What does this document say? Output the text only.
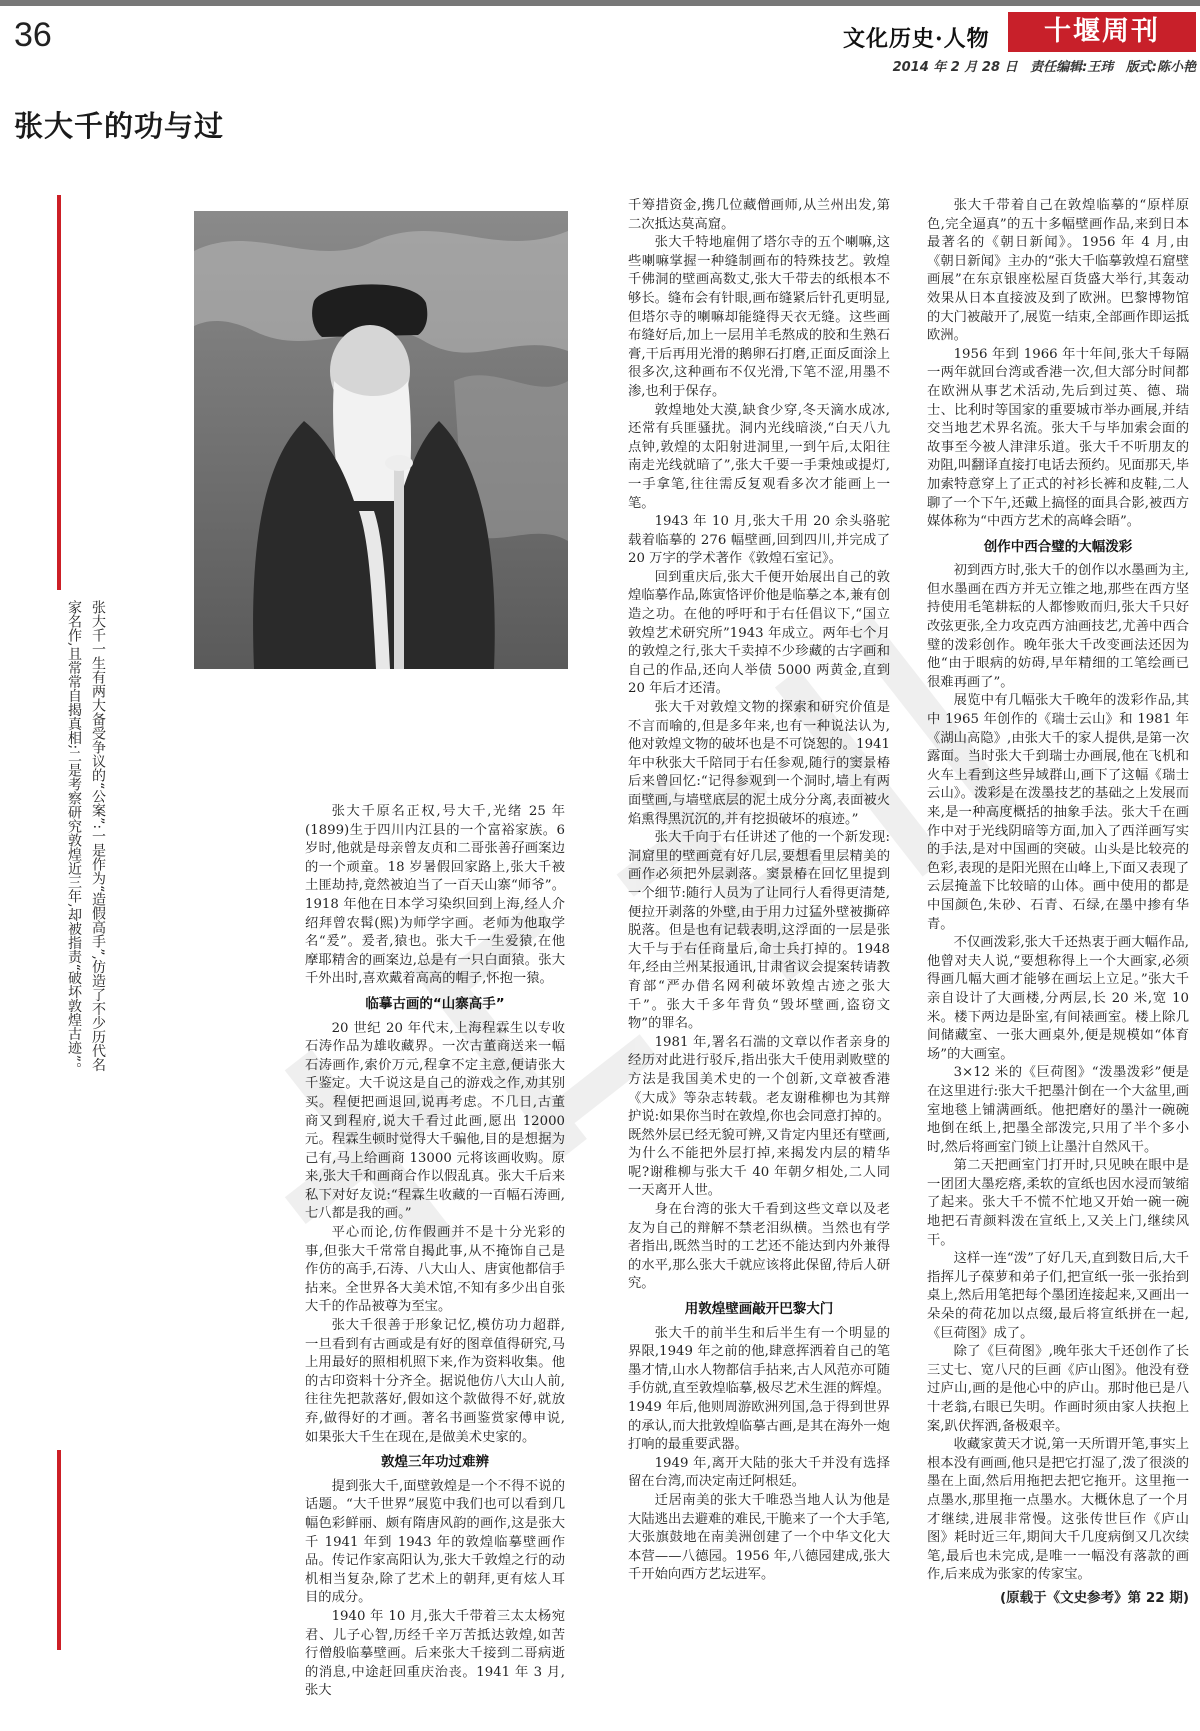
36	文化历史·人物	十堰周刊
2014 年 2 月 28 日 责任编辑:王玮 版式:陈小艳
张大千的功与过
张大千一生有两大备受争议的“公案”:一是作为“造假高手”,仿造了不少历代名
家名作,且常常自揭真相;二是考察研究敦煌近三年,却被指责“破坏敦煌古迹”。	张大千原名正权,号大千,光绪 25 年(1899)生于四川内江县的一个富裕家族。6 岁时,他就是母亲曾友贞和二哥张善孖画案边的一个顽童。18 岁暑假回家路上,张大千被土匪劫持,竟然被迫当了一百天山寨“师爷”。1918 年他在日本学习染织回到上海,经人介绍拜曾农髯(熙)为师学字画。老师为他取学名“爰”。爰者,猿也。张大千一生爱猿,在他摩耶精舍的画案边,总是有一只白面猿。张大千外出时,喜欢戴着高高的帽子,怀抱一猿。

临摹古画的“山寨高手”

20 世纪 20 年代末,上海程霖生以专收石涛作品为雄收藏界。一次古董商送来一幅石涛画作,索价万元,程拿不定主意,便请张大千鉴定。大千说这是自己的游戏之作,劝其别买。程便把画退回,说再考虑。不几日,古董商又到程府,说大千看过此画,愿出 12000 元。程霖生顿时觉得大千骗他,目的是想据为己有,马上给画商 13000 元将该画收购。原来,张大千和画商合作以假乱真。张大千后来私下对好友说:“程霖生收藏的一百幅石涛画,七八都是我的画。”

平心而论,仿作假画并不是十分光彩的事,但张大千常常自揭此事,从不掩饰自己是作仿的高手,石涛、八大山人、唐寅他都信手拈来。全世界各大美术馆,不知有多少出自张大千的作品被尊为至宝。

张大千很善于形象记忆,模仿功力超群,一旦看到有古画或是有好的图章值得研究,马上用最好的照相机照下来,作为资料收集。他的古印资料十分齐全。据说他仿八大山人前,往往先把款落好,假如这个款做得不好,就放弃,做得好的才画。著名书画鉴赏家傅申说,如果张大千生在现在,是做美术史家的。

敦煌三年功过难辨

提到张大千,面壁敦煌是一个不得不说的话题。“大千世界”展览中我们也可以看到几幅色彩鲜丽、颇有隋唐风韵的画作,这是张大千 1941 年到 1943 年的敦煌临摹壁画作品。传记作家高阳认为,张大千敦煌之行的动机相当复杂,除了艺术上的朝拜,更有炫人耳目的成分。

1940 年 10 月,张大千带着三太太杨宛君、儿子心智,历经千辛万苦抵达敦煌,如苦行僧般临摹壁画。后来张大千接到二哥病逝的消息,中途赶回重庆治丧。1941 年 3 月,张大

千筹措资金,携几位藏僧画师,从兰州出发,第二次抵达莫高窟。

张大千特地雇佣了塔尔寺的五个喇嘛,这些喇嘛掌握一种缝制画布的特殊技艺。敦煌千佛洞的壁画高数丈,张大千带去的纸根本不够长。缝布会有针眼,画布缝紧后针孔更明显,但塔尔寺的喇嘛却能缝得天衣无缝。这些画布缝好后,加上一层用羊毛熬成的胶和生熟石膏,干后再用光滑的鹅卵石打磨,正面反面涂上很多次,这种画布不仅光滑,下笔不涩,用墨不渗,也利于保存。

敦煌地处大漠,缺食少穿,冬天滴水成冰,还常有兵匪骚扰。洞内光线暗淡,“白天八九点钟,敦煌的太阳射进洞里,一到午后,太阳往南走光线就暗了”,张大千要一手秉烛或提灯,一手拿笔,往往需反复观看多次才能画上一笔。

1943 年 10 月,张大千用 20 余头骆驼载着临摹的 276 幅壁画,回到四川,并完成了 20 万字的学术著作《敦煌石室记》。

回到重庆后,张大千便开始展出自己的敦煌临摹作品,陈寅恪评价他是临摹之本,兼有创造之功。在他的呼吁和于右任倡议下,“国立敦煌艺术研究所”1943 年成立。两年七个月的敦煌之行,张大千卖掉不少珍藏的古字画和自己的作品,还向人举债 5000 两黄金,直到 20 年后才还清。

张大千对敦煌文物的探索和研究价值是不言而喻的,但是多年来,也有一种说法认为,他对敦煌文物的破坏也是不可饶恕的。1941 年中秋张大千陪同于右任参观,随行的窦景椿后来曾回忆:“记得参观到一个洞时,墙上有两面壁画,与墙壁底层的泥土成分分离,表面被火焰熏得黑沉沉的,并有挖损破坏的痕迹。”

张大千向于右任讲述了他的一个新发现:洞窟里的壁画竟有好几层,要想看里层精美的画作必须把外层剥落。窦景椿在回忆里提到一个细节:随行人员为了让同行人看得更清楚,便拉开剥落的外壁,由于用力过猛外壁被撕碎脱落。但是也有记载表明,这浮面的一层是张大千与于右任商量后,命士兵打掉的。1948 年,经由兰州某报通讯,甘肃省议会提案转请教育部“严办借名网利破坏敦煌古迹之张大千”。张大千多年背负“毁坏壁画,盗窃文物”的罪名。

1981 年,署名石湍的文章以作者亲身的经历对此进行驳斥,指出张大千使用剥败壁的方法是我国美术史的一个创新,文章被香港《大成》等杂志转载。老友谢稚柳也为其辩护说:如果你当时在敦煌,你也会同意打掉的。既然外层已经无貌可辨,又肯定内里还有壁画,为什么不能把外层打掉,来揭发内层的精华呢?谢稚柳与张大千 40 年朝夕相处,二人同一天离开人世。

身在台湾的张大千看到这些文章以及老友为自己的辩解不禁老泪纵横。当然也有学者指出,既然当时的工艺还不能达到内外兼得的水平,那么张大千就应该将此保留,待后人研究。

用敦煌壁画敲开巴黎大门

张大千的前半生和后半生有一个明显的界限,1949 年之前的他,肆意挥洒着自己的笔墨才情,山水人物都信手拈来,古人风范亦可随手仿就,直至敦煌临摹,极尽艺术生涯的辉煌。1949 年后,他则周游欧洲列国,急于得到世界的承认,而大批敦煌临摹古画,是其在海外一炮打响的最重要武器。

1949 年,离开大陆的张大千并没有选择留在台湾,而决定南迁阿根廷。

迁居南美的张大千唯恐当地人认为他是大陆逃出去避难的难民,干脆来了一个大手笔,大张旗鼓地在南美洲创建了一个中华文化大本营——八德园。1956 年,八德园建成,张大千开始向西方艺坛进军。

张大千带着自己在敦煌临摹的“原样原色,完全逼真”的五十多幅壁画作品,来到日本最著名的《朝日新闻》。1956 年 4 月,由《朝日新闻》主办的“张大千临摹敦煌石窟壁画展”在东京银座松屋百货盛大举行,其轰动效果从日本直接波及到了欧洲。巴黎博物馆的大门被敲开了,展览一结束,全部画作即运抵欧洲。

1956 年到 1966 年十年间,张大千每隔一两年就回台湾或香港一次,但大部分时间都在欧洲从事艺术活动,先后到过英、德、瑞士、比利时等国家的重要城市举办画展,并结交当地艺术界名流。张大千与毕加索会面的故事至今被人津津乐道。张大千不听朋友的劝阻,叫翻译直接打电话去预约。见面那天,毕加索特意穿上了正式的衬衫长裤和皮鞋,二人聊了一个下午,还戴上搞怪的面具合影,被西方媒体称为“中西方艺术的高峰会晤”。

创作中西合璧的大幅泼彩

初到西方时,张大千的创作以水墨画为主,但水墨画在西方并无立锥之地,那些在西方坚持使用毛笔耕耘的人都惨败而归,张大千只好改弦更张,全力攻克西方油画技艺,尤善中西合璧的泼彩创作。晚年张大千改变画法还因为他“由于眼病的妨碍,早年精细的工笔绘画已很难再画了”。

展览中有几幅张大千晚年的泼彩作品,其中 1965 年创作的《瑞士云山》和 1981 年《湖山高隐》,由张大千的家人提供,是第一次露面。当时张大千到瑞士办画展,他在飞机和火车上看到这些异域群山,画下了这幅《瑞士云山》。泼彩是在泼墨技艺的基础之上发展而来,是一种高度概括的抽象手法。张大千在画作中对于光线阴暗等方面,加入了西洋画写实的手法,是对中国画的突破。山头是比较亮的色彩,表现的是阳光照在山峰上,下面又表现了云层掩盖下比较暗的山体。画中使用的都是中国颜色,朱砂、石青、石绿,在墨中掺有华青。

不仅画泼彩,张大千还热衷于画大幅作品,他曾对夫人说,“要想称得上一个大画家,必须得画几幅大画才能够在画坛上立足。”张大千亲自设计了大画楼,分两层,长 20 米,宽 10 米。楼下两边是卧室,有间裱画室。楼上除几间储藏室、一张大画桌外,便是规模如“体育场”的大画室。

3×12 米的《巨荷图》“泼墨泼彩”便是在这里进行:张大千把墨汁倒在一个大盆里,画室地毯上铺满画纸。他把磨好的墨汁一碗碗地倒在纸上,把墨全部泼完,只用了半个多小时,然后将画室门锁上让墨汁自然风干。

第二天把画室门打开时,只见映在眼中是一团团大墨疙瘩,柔软的宣纸也因水浸而皱缩了起来。张大千不慌不忙地又开始一碗一碗地把石青颜料泼在宣纸上,又关上门,继续风干。

这样一连“泼”了好几天,直到数日后,大千指挥儿子葆萝和弟子们,把宣纸一张一张抬到桌上,然后用笔把每个墨团连接起来,又画出一朵朵的荷花加以点缀,最后将宣纸拼在一起,《巨荷图》成了。

除了《巨荷图》,晚年张大千还创作了长三丈七、宽八尺的巨画《庐山图》。他没有登过庐山,画的是他心中的庐山。那时他已是八十老翁,右眼已失明。作画时须由家人扶抱上案,趴伏挥洒,备极艰辛。

收藏家黄天才说,第一天所谓开笔,事实上根本没有画画,他只是把它打湿了,泼了很淡的墨在上面,然后用拖把去把它拖开。这里拖一点墨水,那里拖一点墨水。大概休息了一个月才继续,进展非常慢。这张传世巨作《庐山图》耗时近三年,期间大千几度病倒又几次续笔,最后也未完成,是唯一一幅没有落款的画作,后来成为张家的传家宝。

(原载于《文史参考》第 22 期)
